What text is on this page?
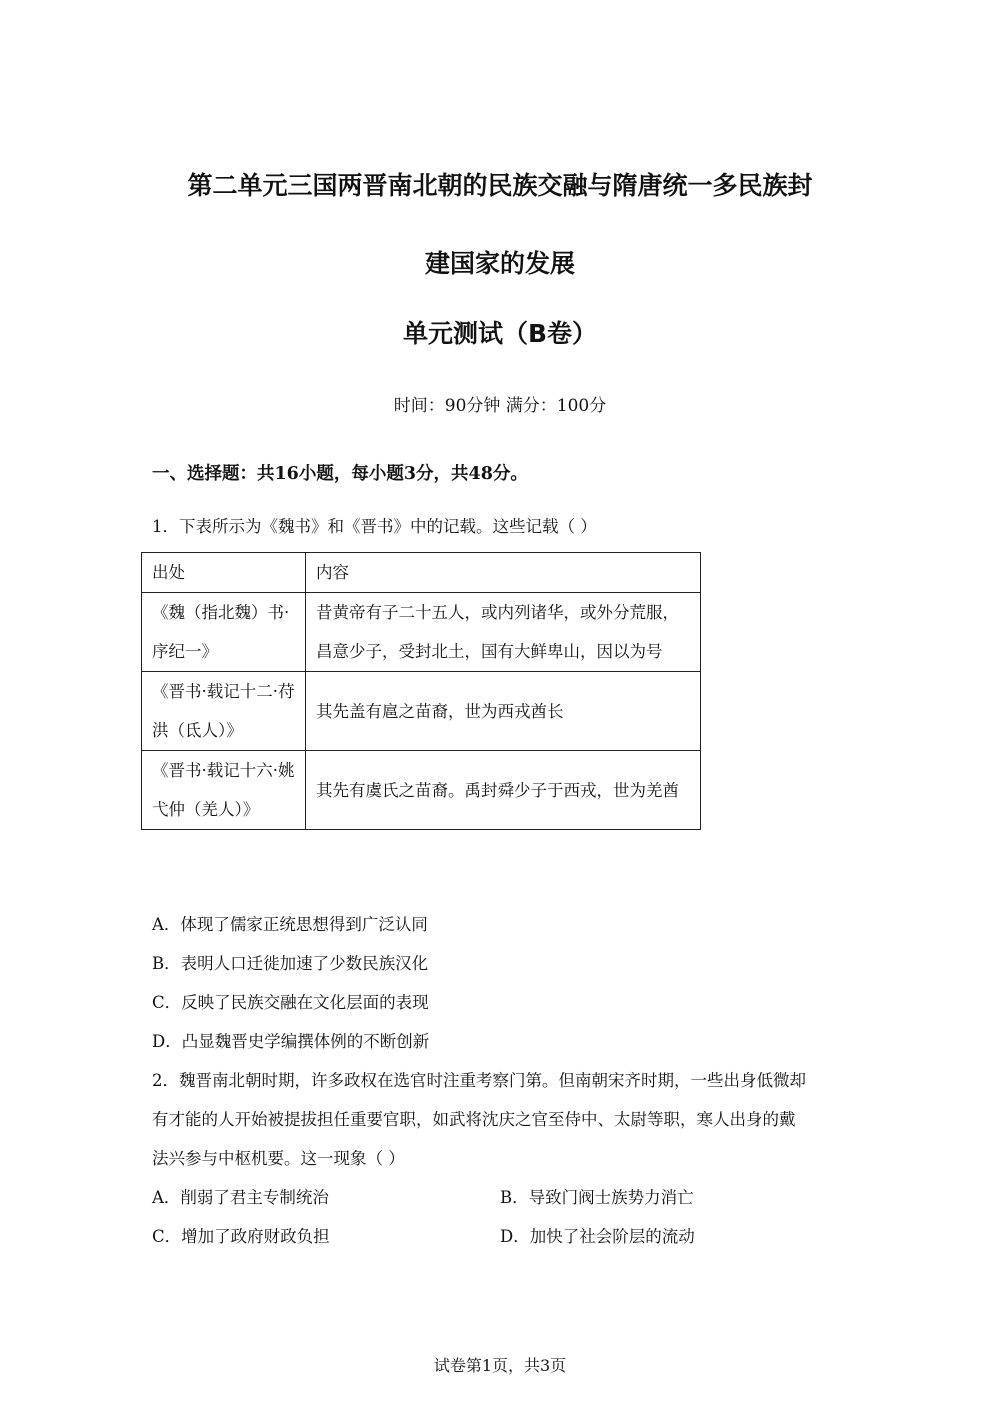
第二单元三国两晋南北朝的民族交融与隋唐统一多民族封
建国家的发展
单元测试（B卷）
时间：90分钟 满分：100分
一、选择题：共16小题，每小题3分，共48分。
1．下表所示为《魏书》和《晋书》中的记载。这些记载（ ）
出处	内容
《魏（指北魏）书·序纪一》	昔黄帝有子二十五人，或内列诸华，或外分荒服，昌意少子，受封北土，国有大鲜卑山，因以为号
《晋书·载记十二·苻洪（氐人）》	其先盖有扈之苗裔，世为西戎酋长
《晋书·载记十六·姚弋仲（羌人）》	其先有虞氏之苗裔。禹封舜少子于西戎，世为羌酋
A．体现了儒家正统思想得到广泛认同
B．表明人口迁徙加速了少数民族汉化
C．反映了民族交融在文化层面的表现
D．凸显魏晋史学编撰体例的不断创新
2．魏晋南北朝时期，许多政权在选官时注重考察门第。但南朝宋齐时期，一些出身低微却
有才能的人开始被提拔担任重要官职，如武将沈庆之官至侍中、太尉等职，寒人出身的戴
法兴参与中枢机要。这一现象（ ）
A．削弱了君主专制统治	B．导致门阀士族势力消亡
C．增加了政府财政负担	D．加快了社会阶层的流动
试卷第1页，共3页
